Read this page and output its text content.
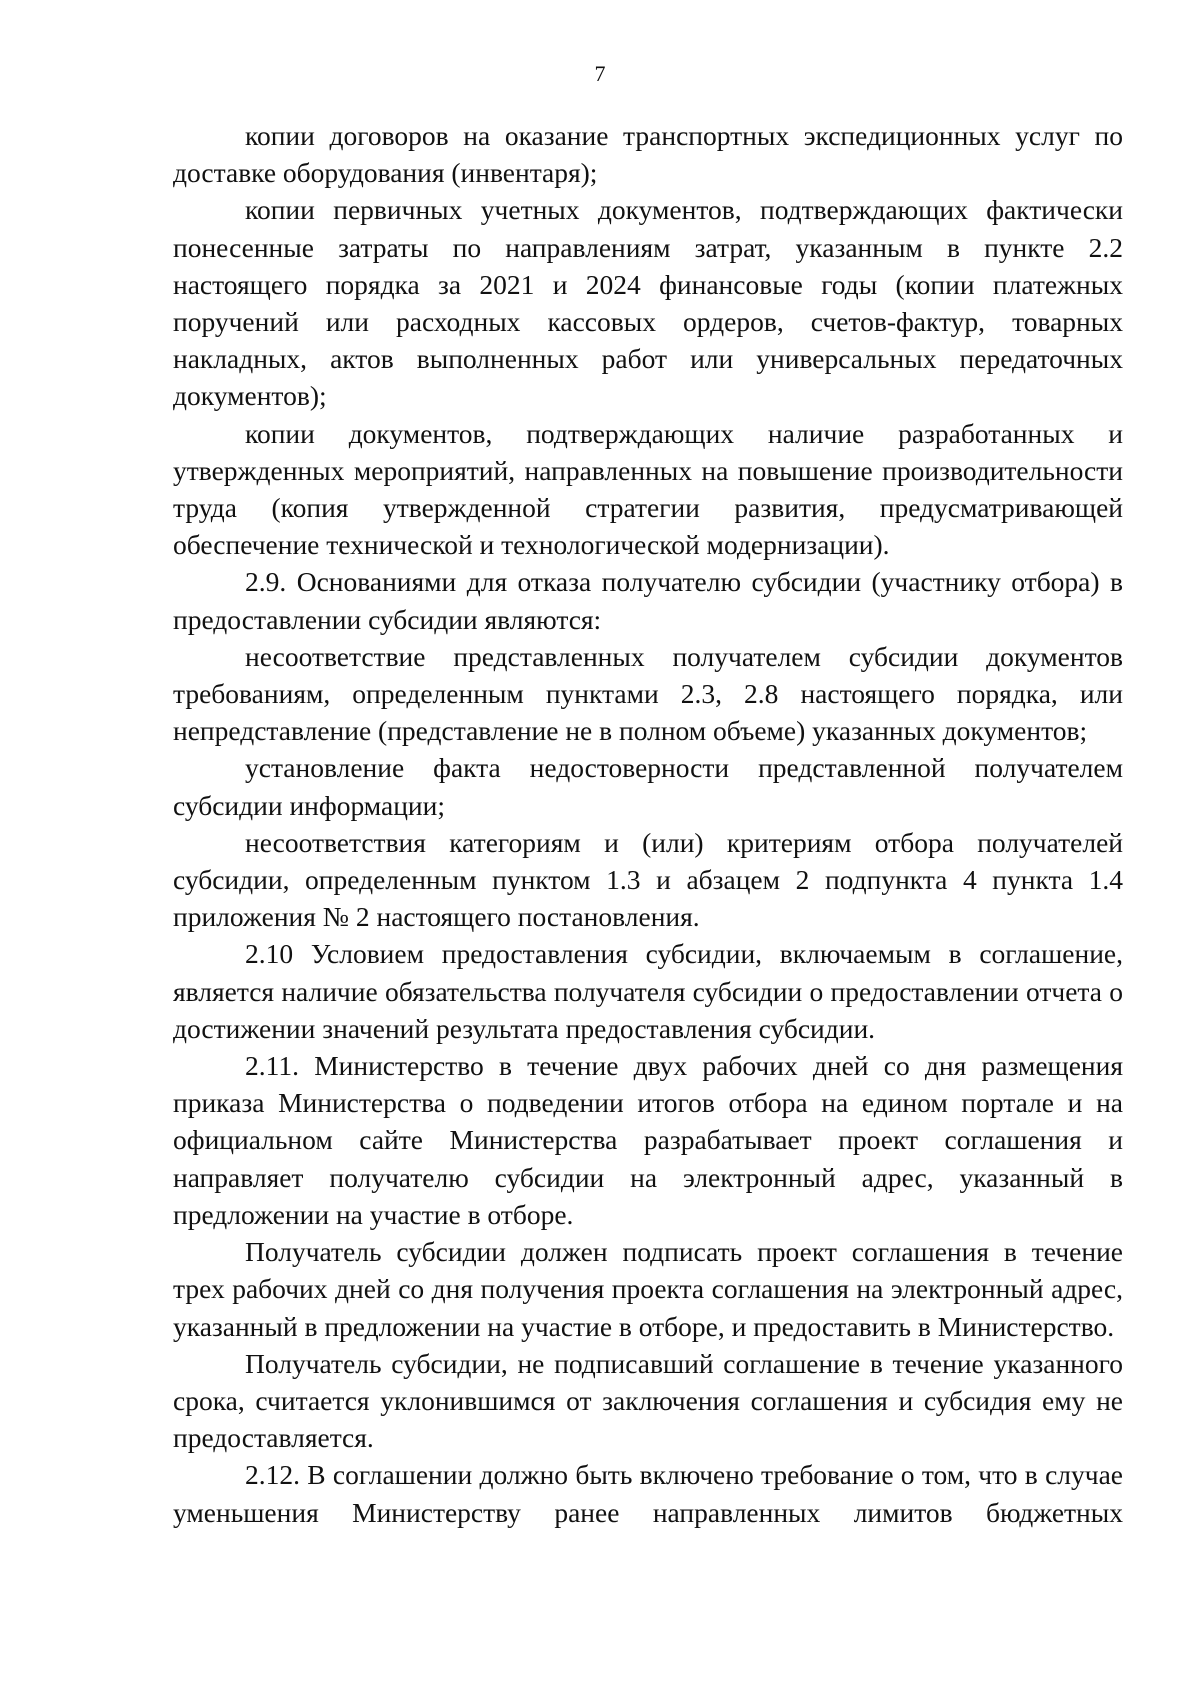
7

копии договоров на оказание транспортных экспедиционных услуг по доставке оборудования (инвентаря);

копии первичных учетных документов, подтверждающих фактически понесенные затраты по направлениям затрат, указанным в пункте 2.2 настоящего порядка за 2021 и 2024 финансовые годы (копии платежных поручений или расходных кассовых ордеров, счетов-фактур, товарных накладных, актов выполненных работ или универсальных передаточных документов);

копии документов, подтверждающих наличие разработанных и утвержденных мероприятий, направленных на повышение производительности труда (копия утвержденной стратегии развития, предусматривающей обеспечение технической и технологической модернизации).

2.9. Основаниями для отказа получателю субсидии (участнику отбора) в предоставлении субсидии являются:

несоответствие представленных получателем субсидии документов требованиям, определенным пунктами 2.3, 2.8 настоящего порядка, или непредставление (представление не в полном объеме) указанных документов;

установление факта недостоверности представленной получателем субсидии информации;

несоответствия категориям и (или) критериям отбора получателей субсидии, определенным пунктом 1.3 и абзацем 2 подпункта 4 пункта 1.4 приложения № 2 настоящего постановления.

2.10 Условием предоставления субсидии, включаемым в соглашение, является наличие обязательства получателя субсидии о предоставлении отчета о достижении значений результата предоставления субсидии.

2.11. Министерство в течение двух рабочих дней со дня размещения приказа Министерства о подведении итогов отбора на едином портале и на официальном сайте Министерства разрабатывает проект соглашения и направляет получателю субсидии на электронный адрес, указанный в предложении на участие в отборе.

Получатель субсидии должен подписать проект соглашения в течение трех рабочих дней со дня получения проекта соглашения на электронный адрес, указанный в предложении на участие в отборе, и предоставить в Министерство.

Получатель субсидии, не подписавший соглашение в течение указанного срока, считается уклонившимся от заключения соглашения и субсидия ему не предоставляется.

2.12. В соглашении должно быть включено требование о том, что в случае уменьшения Министерству ранее направленных лимитов бюджетных
